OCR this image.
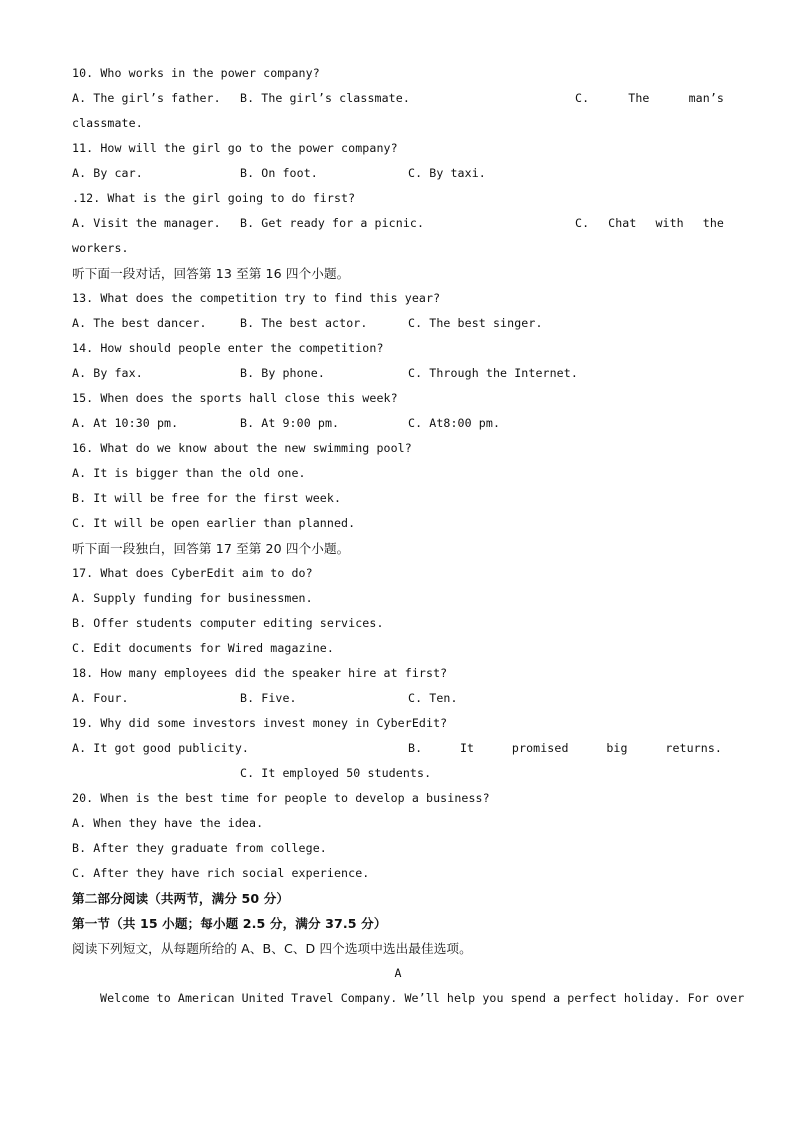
10. Who works in the power company?

A. The girl’s father.

B. The girl’s classmate.

	C.	The	man’s

classmate.
11. How will the girl go to the power company?

A. By car.

	B. On foot.

	C. By taxi.

.12. What is the girl going to do first?

A. Visit the manager.

B. Get ready for a picnic.

	C. Chat with the

workers.
听下面一段对话，回答第 13 至第 16 四个小题。
13. What does the competition try to find this year?

A. The best dancer.

	B. The best actor.

	C. The best singer.

14. How should people enter the competition?

A. By fax.

	B. By phone.

	C. Through the Internet.

15. When does the sports hall close this week?

A. At 10:30 pm.

	B. At 9:00 pm.

	C. At8:00 pm.

16. What do we know about the new swimming pool?
A. It is bigger than the old one.
B. It will be free for the first week.
C. It will be open earlier than planned.
听下面一段独白，回答第 17 至第 20 四个小题。
17. What does CyberEdit aim to do?
A. Supply funding for businessmen.
B. Offer students computer editing services.
C. Edit documents for Wired magazine.
18. How many employees did the speaker hire at first?

A. Four.

	B. Five.

	C. Ten.

19. Why did some investors invest money in CyberEdit?

A. It got good publicity.

	B.	It	promised	big	returns.

C. It employed 50 students.

20. When is the best time for people to develop a business?
A. When they have the idea.
B. After they graduate from college.
C. After they have rich social experience.
第二部分阅读（共两节，满分 50 分）
第一节（共 15 小题；每小题 2.5 分，满分 37.5 分）
阅读下列短文，从每题所给的 A、B、C、D 四个选项中选出最佳选项。
A
Welcome to American United Travel Company. We’ll help you spend a perfect holiday. For over
